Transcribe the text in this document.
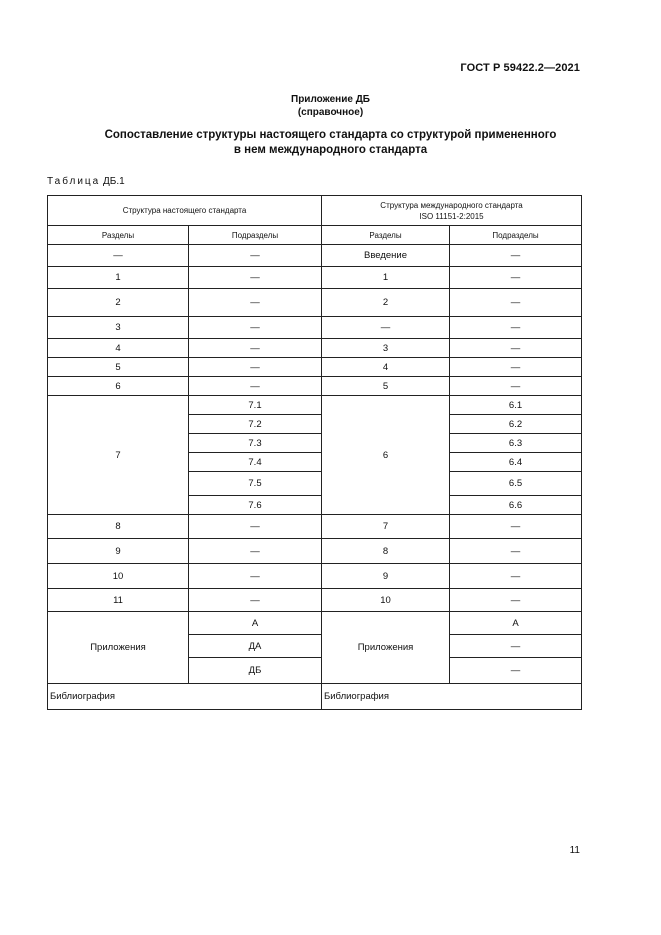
ГОСТ Р 59422.2—2021
Приложение ДБ
(справочное)
Сопоставление структуры настоящего стандарта со структурой примененного
в нем международного стандарта
Таблица ДБ.1
Структура настоящего стандарта		Структура международного стандарта
ISO 11151-2:2015	
Разделы	Подразделы	Разделы	Подразделы
—	—	Введение	—
1	—	1	—
2	—	2	—
3	—	—	—
4	—	3	—
5	—	4	—
6	—	5	—
7	7.1	6	6.1
	7.2		6.2
	7.3		6.3
	7.4		6.4
	7.5		6.5
	7.6		6.6
8	—	7	—
9	—	8	—
10	—	9	—
11	—	10	—
Приложения	А	Приложения	А
	ДА		—
	ДБ		—
Библиография		Библиография	
11
